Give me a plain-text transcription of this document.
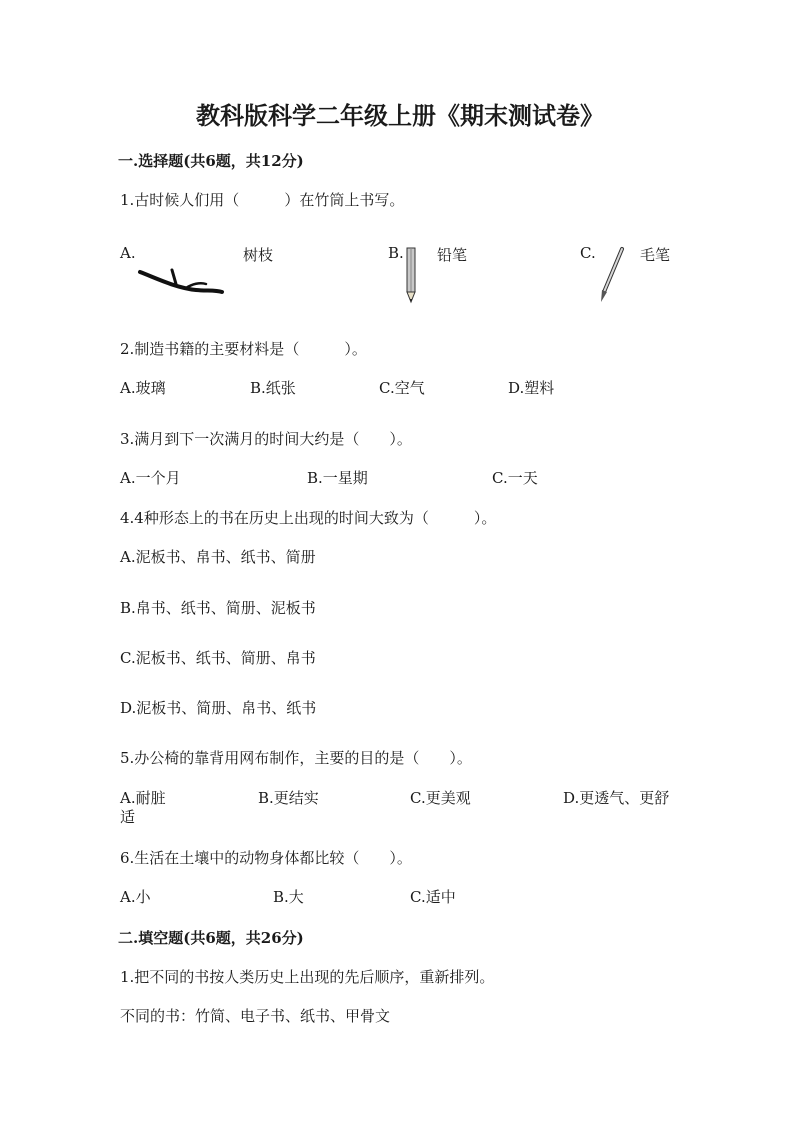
教科版科学二年级上册《期末测试卷》
一.选择题(共6题，共12分)
1.古时候人们用（　　　）在竹筒上书写。
A.	树枝	B. 铅笔	C.	毛笔
2.制造书籍的主要材料是（　　　）。
A.玻璃	B.纸张	C.空气	D.塑料
3.满月到下一次满月的时间大约是（　　）。
A.一个月	B.一星期	C.一天
4.4种形态上的书在历史上出现的时间大致为（　　　）。
A.泥板书、帛书、纸书、简册
B.帛书、纸书、简册、泥板书
C.泥板书、纸书、简册、帛书
D.泥板书、简册、帛书、纸书
5.办公椅的靠背用网布制作，主要的目的是（　　）。
A.耐脏	B.更结实	C.更美观	D.更透气、更舒
适
6.生活在土壤中的动物身体都比较（　　）。
A.小	B.大	C.适中
二.填空题(共6题，共26分)
1.把不同的书按人类历史上出现的先后顺序，重新排列。
不同的书：竹简、电子书、纸书、甲骨文
